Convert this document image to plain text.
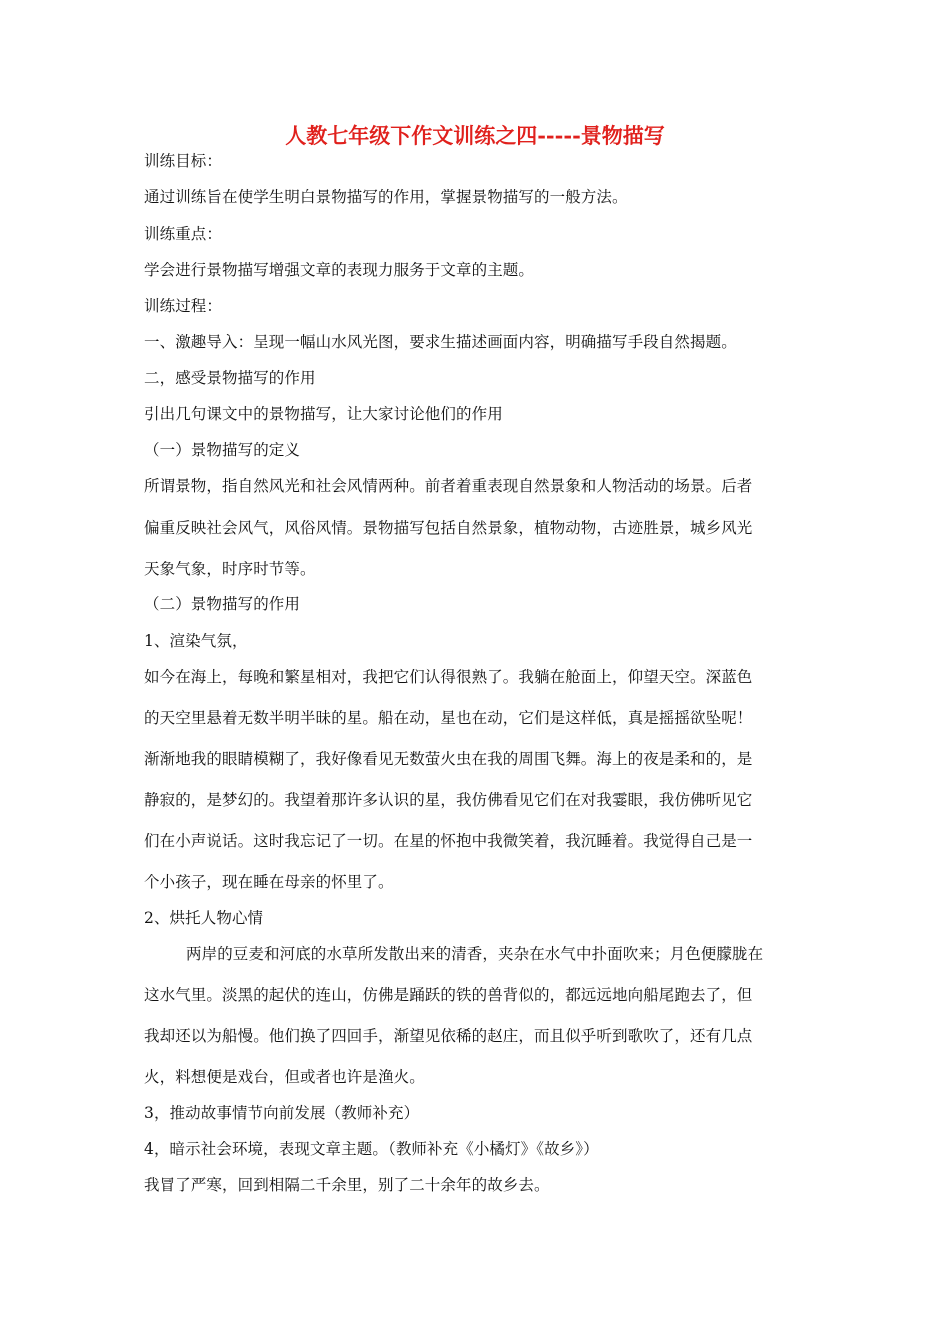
人教七年级下作文训练之四-----景物描写
训练目标：
通过训练旨在使学生明白景物描写的作用，掌握景物描写的一般方法。
训练重点：
学会进行景物描写增强文章的表现力服务于文章的主题。
训练过程：
一、激趣导入：呈现一幅山水风光图，要求生描述画面内容，明确描写手段自然揭题。
二，感受景物描写的作用
引出几句课文中的景物描写，让大家讨论他们的作用
（一）景物描写的定义
所谓景物，指自然风光和社会风情两种。前者着重表现自然景象和人物活动的场景。后者
偏重反映社会风气，风俗风情。景物描写包括自然景象，植物动物，古迹胜景，城乡风光
天象气象，时序时节等。
（二）景物描写的作用
1、渲染气氛，
如今在海上，每晚和繁星相对，我把它们认得很熟了。我躺在舱面上，仰望天空。深蓝色
的天空里悬着无数半明半昧的星。船在动，星也在动，它们是这样低，真是摇摇欲坠呢！
渐渐地我的眼睛模糊了，我好像看见无数萤火虫在我的周围飞舞。海上的夜是柔和的，是
静寂的，是梦幻的。我望着那许多认识的星，我仿佛看见它们在对我霎眼，我仿佛听见它
们在小声说话。这时我忘记了一切。在星的怀抱中我微笑着，我沉睡着。我觉得自己是一
个小孩子，现在睡在母亲的怀里了。
2、烘托人物心情
两岸的豆麦和河底的水草所发散出来的清香，夹杂在水气中扑面吹来；月色便朦胧在
这水气里。淡黑的起伏的连山，仿佛是踊跃的铁的兽背似的，都远远地向船尾跑去了，但
我却还以为船慢。他们换了四回手，渐望见依稀的赵庄，而且似乎听到歌吹了，还有几点
火，料想便是戏台，但或者也许是渔火。
3，推动故事情节向前发展（教师补充）
4，暗示社会环境，表现文章主题。（教师补充《小橘灯》《故乡》）
我冒了严寒，回到相隔二千余里，别了二十余年的故乡去。
